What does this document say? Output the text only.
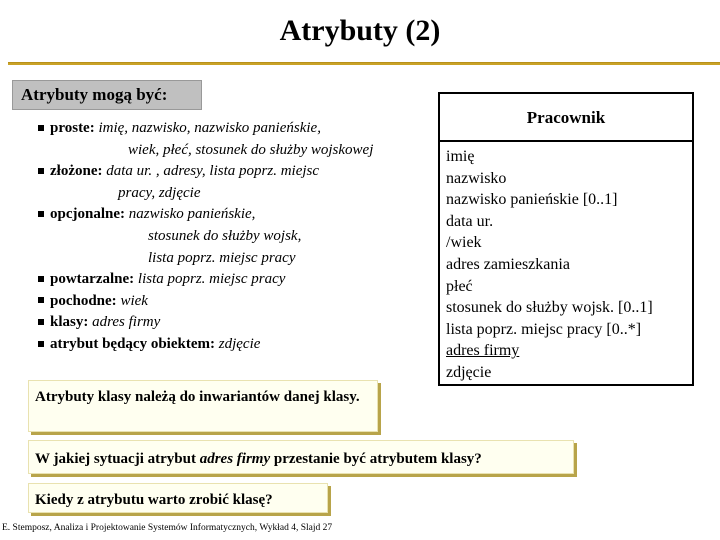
Atrybuty (2)
Atrybuty mogą być:
proste: imię, nazwisko, nazwisko panieńskie,
wiek, płeć, stosunek do służby wojskowej
złożone: data ur. , adresy, lista poprz. miejsc
pracy, zdjęcie
opcjonalne: nazwisko panieńskie,
stosunek do służby wojsk,
lista poprz. miejsc pracy
powtarzalne: lista poprz. miejsc pracy
pochodne: wiek
klasy: adres firmy
atrybut będący obiektem: zdjęcie
Pracownik
imię
nazwisko
nazwisko panieńskie [0..1]
data ur.
/wiek
adres zamieszkania
płeć
stosunek do służby wojsk. [0..1]
lista poprz. miejsc pracy [0..*]
adres firmy
zdjęcie
Atrybuty klasy należą do inwariantów danej klasy.
W jakiej sytuacji atrybut adres firmy przestanie być atrybutem klasy?
Kiedy z atrybutu warto zrobić klasę?
E. Stemposz, Analiza i Projektowanie Systemów Informatycznych, Wykład 4, Slajd 27
